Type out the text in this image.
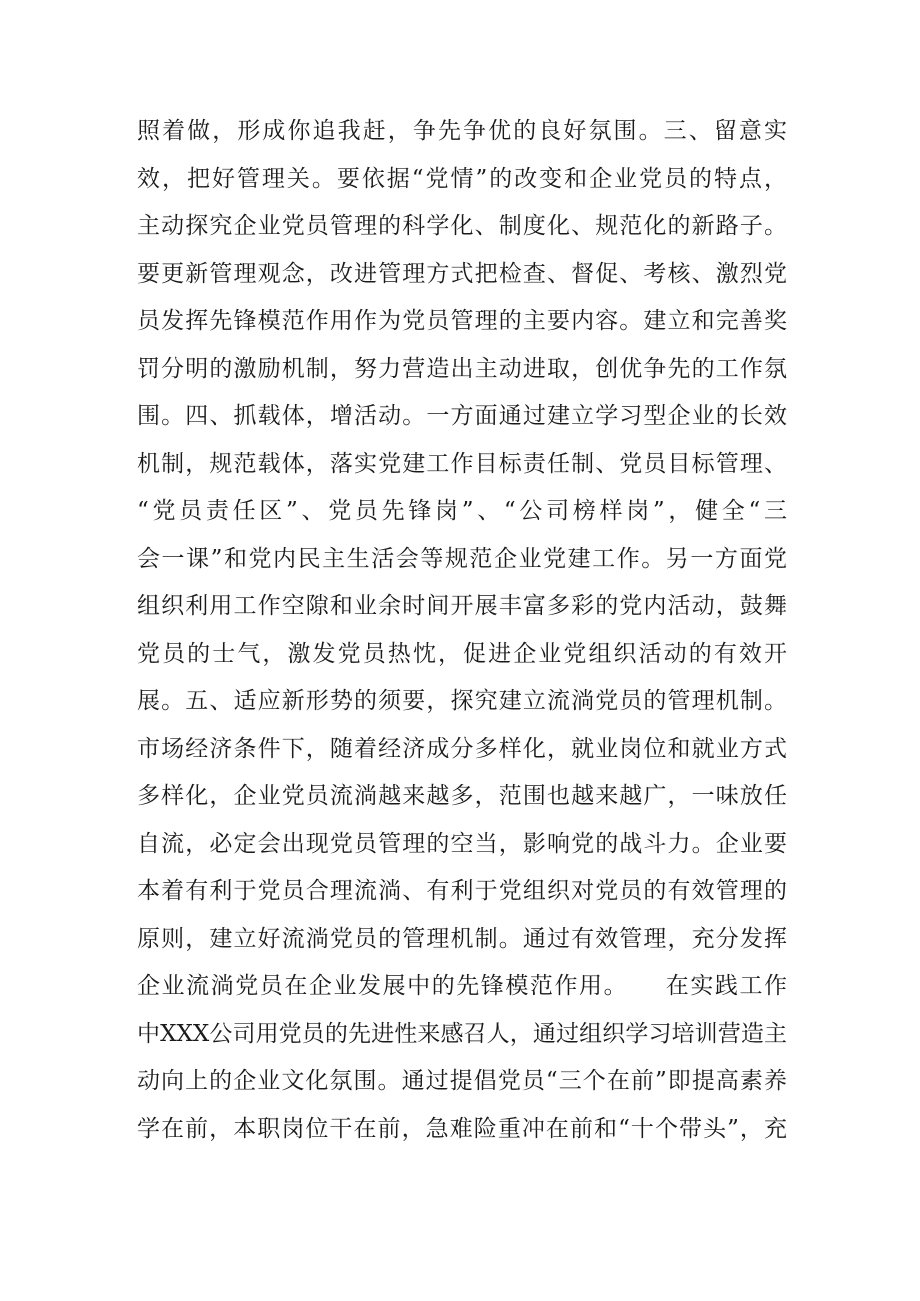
照着做，形成你追我赶，争先争优的良好氛围。三、留意实
效，把好管理关。要依据“党情”的改变和企业党员的特点，
主动探究企业党员管理的科学化、制度化、规范化的新路子。
要更新管理观念，改进管理方式把检查、督促、考核、激烈党
员发挥先锋模范作用作为党员管理的主要内容。建立和完善奖
罚分明的激励机制，努力营造出主动进取，创优争先的工作氛
围。四、抓载体，增活动。一方面通过建立学习型企业的长效
机制，规范载体，落实党建工作目标责任制、党员目标管理、
“党员责任区”、党员先锋岗”、“公司榜样岗”，健全“三
会一课”和党内民主生活会等规范企业党建工作。另一方面党
组织利用工作空隙和业余时间开展丰富多彩的党内活动，鼓舞
党员的士气，激发党员热忱，促进企业党组织活动的有效开
展。五、适应新形势的须要，探究建立流淌党员的管理机制。
市场经济条件下，随着经济成分多样化，就业岗位和就业方式
多样化，企业党员流淌越来越多，范围也越来越广，一味放任
自流，必定会出现党员管理的空当，影响党的战斗力。企业要
本着有利于党员合理流淌、有利于党组织对党员的有效管理的
原则，建立好流淌党员的管理机制。通过有效管理，充分发挥
企业流淌党员在企业发展中的先锋模范作用。　　在实践工作
中XXX公司用党员的先进性来感召人，通过组织学习培训营造主
动向上的企业文化氛围。通过提倡党员“三个在前”即提高素养
学在前，本职岗位干在前，急难险重冲在前和“十个带头”，充
